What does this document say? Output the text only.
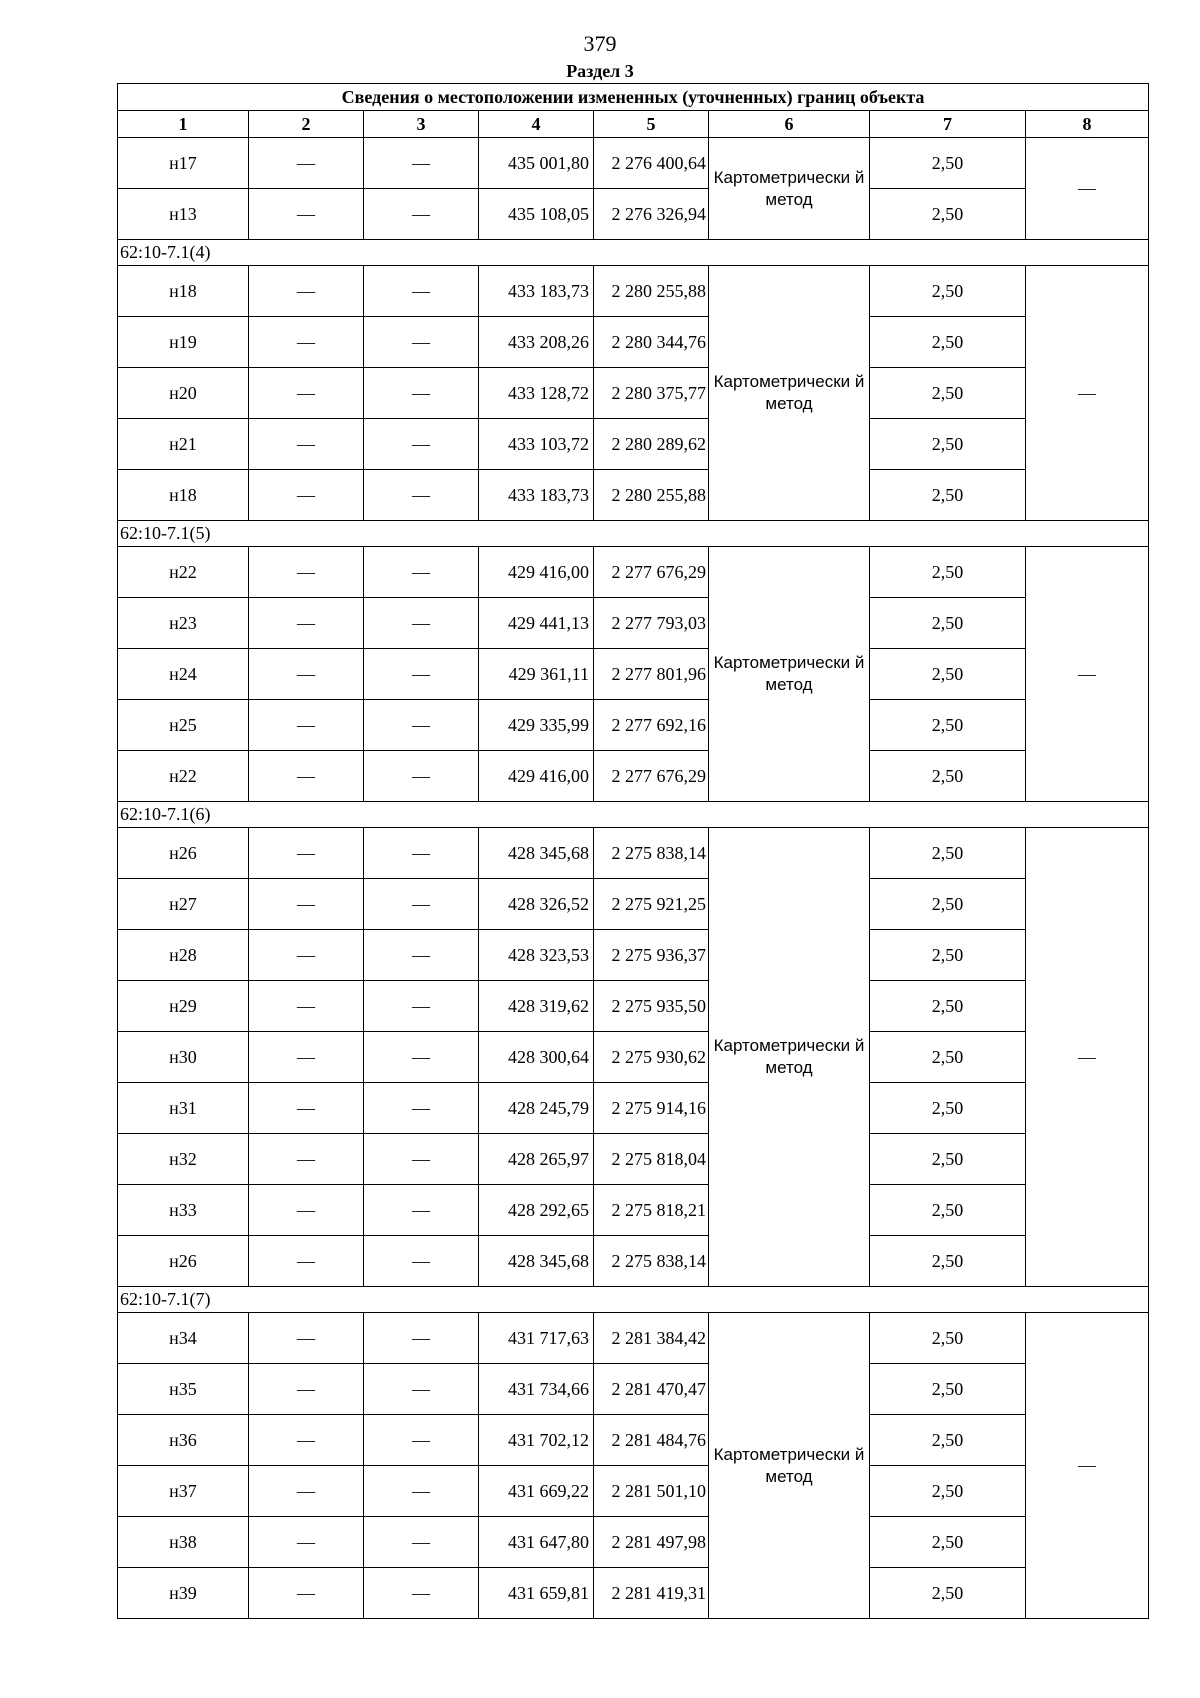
379
Раздел 3
Сведения о местоположении измененных (уточненных) границ объекта							
1	2	3	4	5	6	7	8
н17	—	—	435 001,80	2 276 400,64	Картометрически й метод	2,50	—
н13	—	—	435 108,05	2 276 326,94		2,50	
62:10-7.1(4)							
н18	—	—	433 183,73	2 280 255,88	Картометрически й метод	2,50	—
н19	—	—	433 208,26	2 280 344,76		2,50	
н20	—	—	433 128,72	2 280 375,77		2,50	
н21	—	—	433 103,72	2 280 289,62		2,50	
н18	—	—	433 183,73	2 280 255,88		2,50	
62:10-7.1(5)							
н22	—	—	429 416,00	2 277 676,29	Картометрически й метод	2,50	—
н23	—	—	429 441,13	2 277 793,03		2,50	
н24	—	—	429 361,11	2 277 801,96		2,50	
н25	—	—	429 335,99	2 277 692,16		2,50	
н22	—	—	429 416,00	2 277 676,29		2,50	
62:10-7.1(6)							
н26	—	—	428 345,68	2 275 838,14	Картометрически й метод	2,50	—
н27	—	—	428 326,52	2 275 921,25		2,50	
н28	—	—	428 323,53	2 275 936,37		2,50	
н29	—	—	428 319,62	2 275 935,50		2,50	
н30	—	—	428 300,64	2 275 930,62		2,50	
н31	—	—	428 245,79	2 275 914,16		2,50	
н32	—	—	428 265,97	2 275 818,04		2,50	
н33	—	—	428 292,65	2 275 818,21		2,50	
н26	—	—	428 345,68	2 275 838,14		2,50	
62:10-7.1(7)							
н34	—	—	431 717,63	2 281 384,42	Картометрически й метод	2,50	—
н35	—	—	431 734,66	2 281 470,47		2,50	
н36	—	—	431 702,12	2 281 484,76		2,50	
н37	—	—	431 669,22	2 281 501,10		2,50	
н38	—	—	431 647,80	2 281 497,98		2,50	
н39	—	—	431 659,81	2 281 419,31		2,50	
